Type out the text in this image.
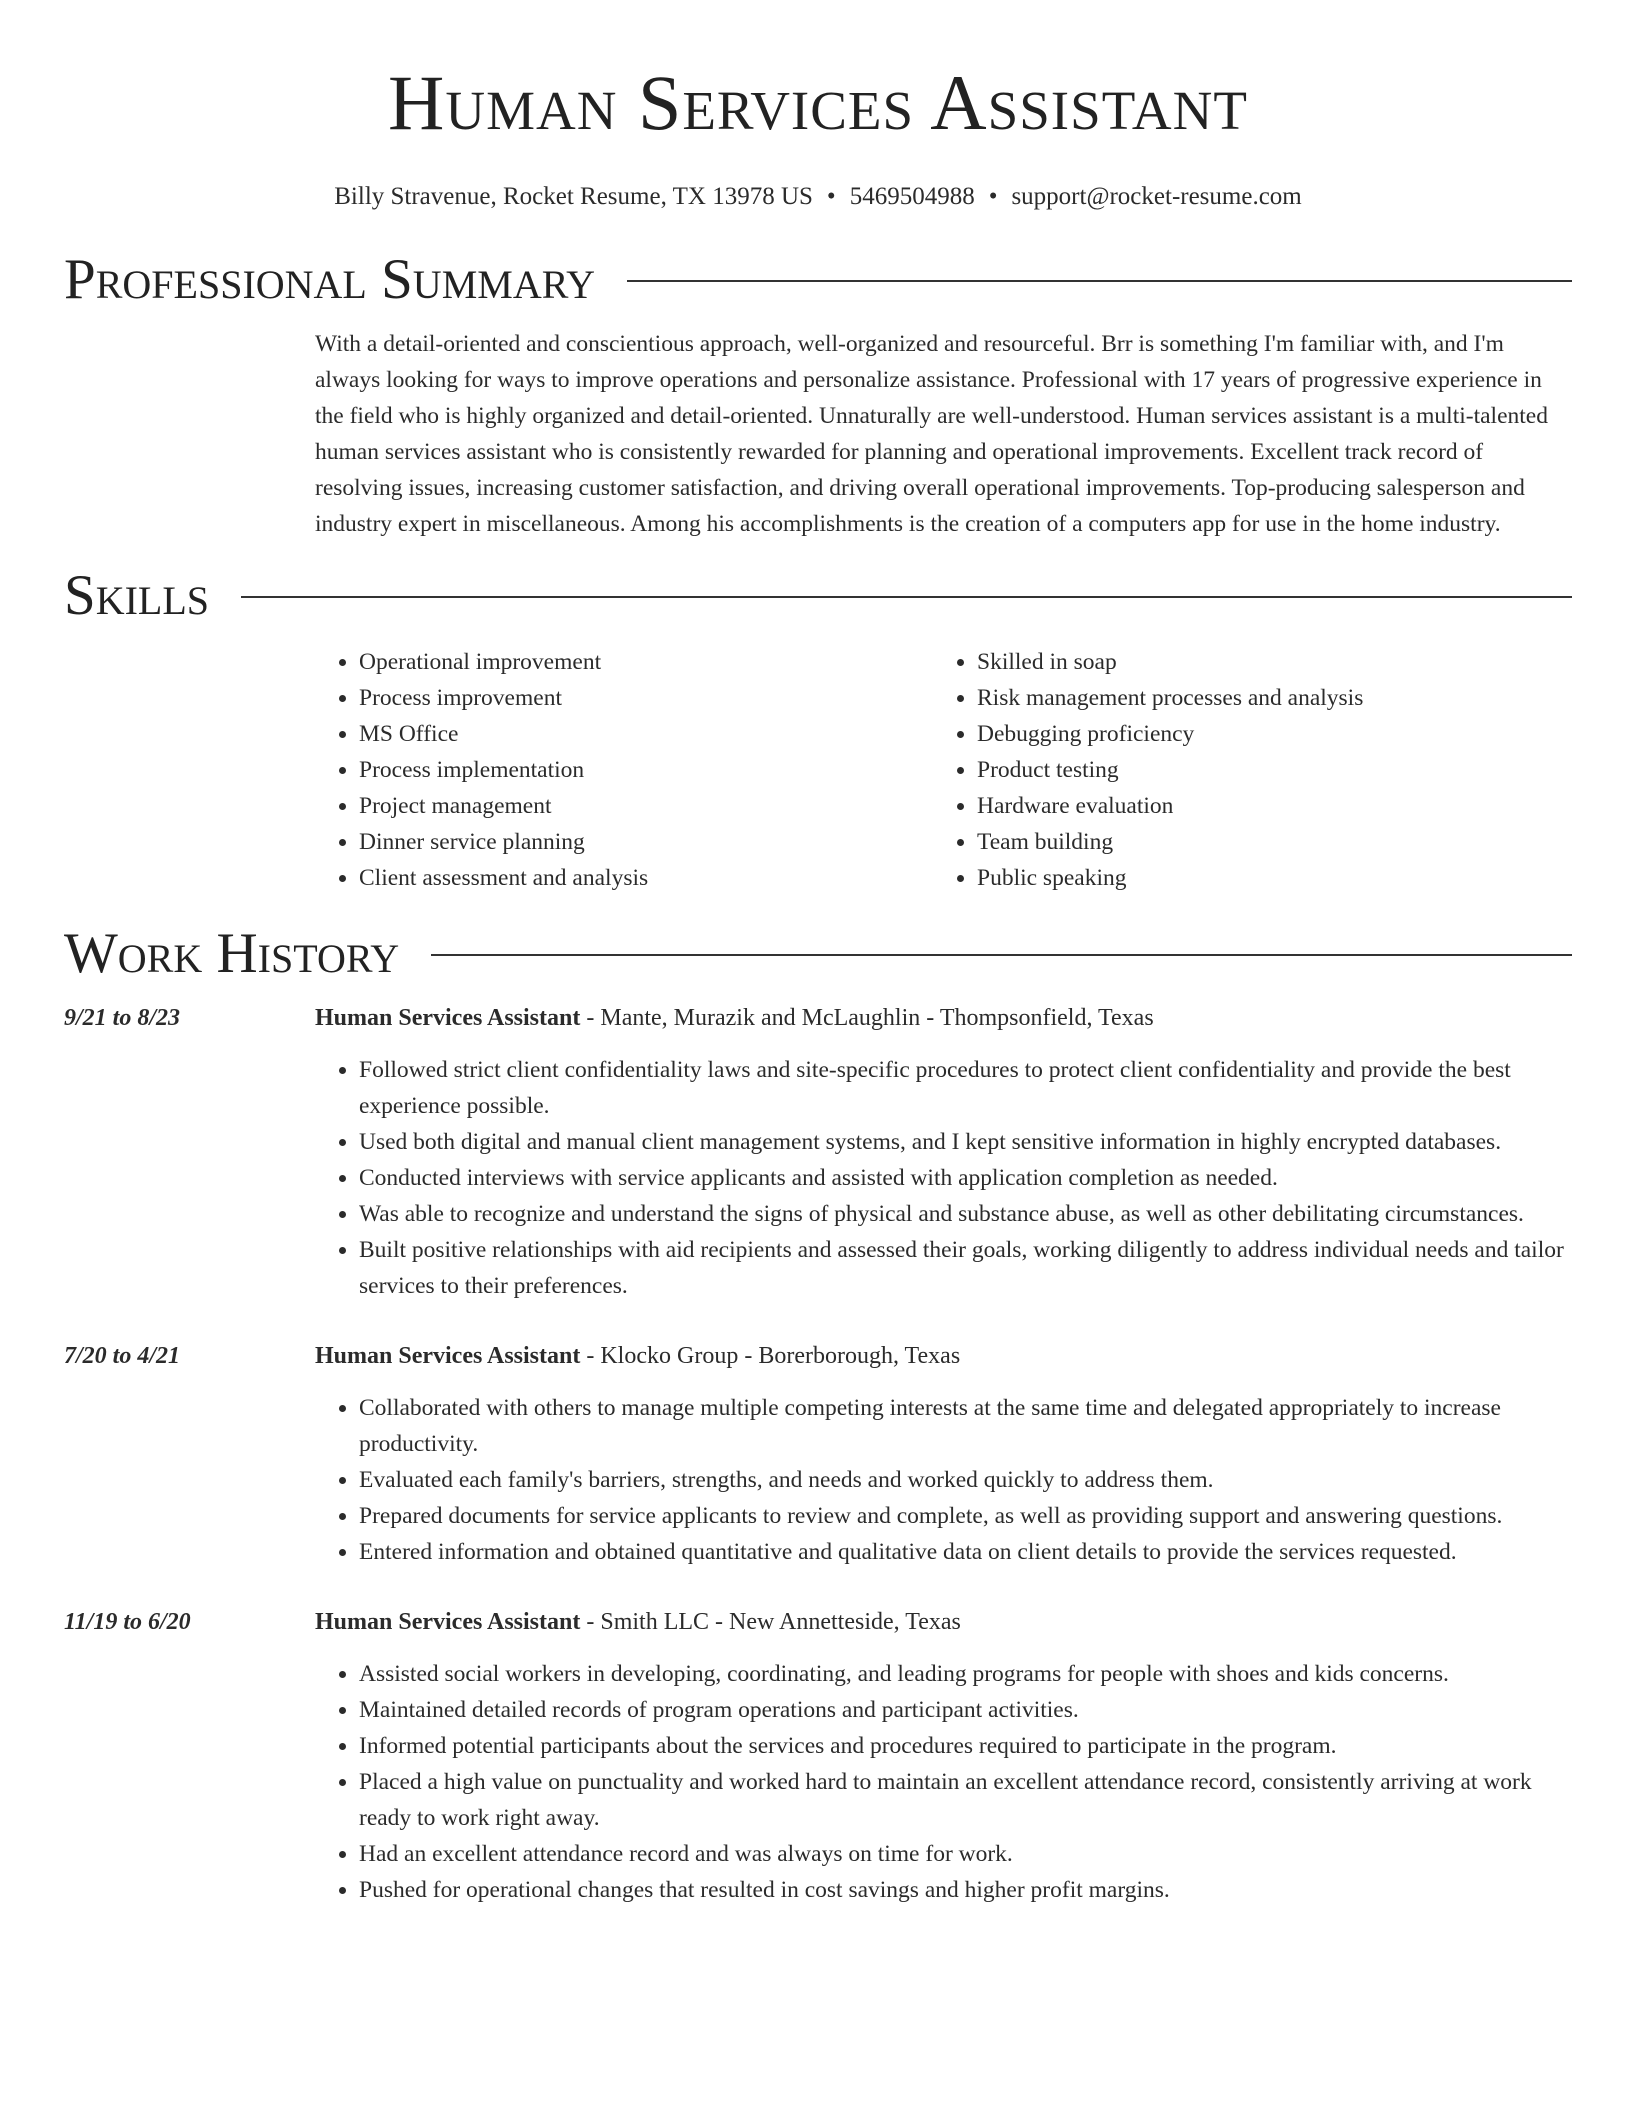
Human Services Assistant
Billy Stravenue, Rocket Resume, TX 13978 US • 5469504988 • support@rocket-resume.com
Professional Summary

With a detail-oriented and conscientious approach, well-organized and resourceful. Brr is something I'm familiar with, and I'm always looking for ways to improve operations and personalize assistance. Professional with 17 years of progressive experience in the field who is highly organized and detail-oriented. Unnaturally are well-understood. Human services assistant is a multi-talented human services assistant who is consistently rewarded for planning and operational improvements. Excellent track record of resolving issues, increasing customer satisfaction, and driving overall operational improvements. Top-producing salesperson and industry expert in miscellaneous. Among his accomplishments is the creation of a computers app for use in the home industry.

Skills
• Operational improvement
• Process improvement
• MS Office
• Process implementation
• Project management
• Dinner service planning
• Client assessment and analysis
• Skilled in soap
• Risk management processes and analysis
• Debugging proficiency
• Product testing
• Hardware evaluation
• Team building
• Public speaking
Work History
9/21 to 8/23	Human Services Assistant - Mante, Murazik and McLaughlin - Thompsonfield, Texas
• Followed strict client confidentiality laws and site-specific procedures to protect client confidentiality and provide the best experience possible.
• Used both digital and manual client management systems, and I kept sensitive information in highly encrypted databases.
• Conducted interviews with service applicants and assisted with application completion as needed.
• Was able to recognize and understand the signs of physical and substance abuse, as well as other debilitating circumstances.
• Built positive relationships with aid recipients and assessed their goals, working diligently to address individual needs and tailor services to their preferences.
7/20 to 4/21	Human Services Assistant - Klocko Group - Borerborough, Texas
• Collaborated with others to manage multiple competing interests at the same time and delegated appropriately to increase productivity.
• Evaluated each family's barriers, strengths, and needs and worked quickly to address them.
• Prepared documents for service applicants to review and complete, as well as providing support and answering questions.
• Entered information and obtained quantitative and qualitative data on client details to provide the services requested.
11/19 to 6/20	Human Services Assistant - Smith LLC - New Annetteside, Texas
• Assisted social workers in developing, coordinating, and leading programs for people with shoes and kids concerns.
• Maintained detailed records of program operations and participant activities.
• Informed potential participants about the services and procedures required to participate in the program.
• Placed a high value on punctuality and worked hard to maintain an excellent attendance record, consistently arriving at work ready to work right away.
• Had an excellent attendance record and was always on time for work.
• Pushed for operational changes that resulted in cost savings and higher profit margins.
